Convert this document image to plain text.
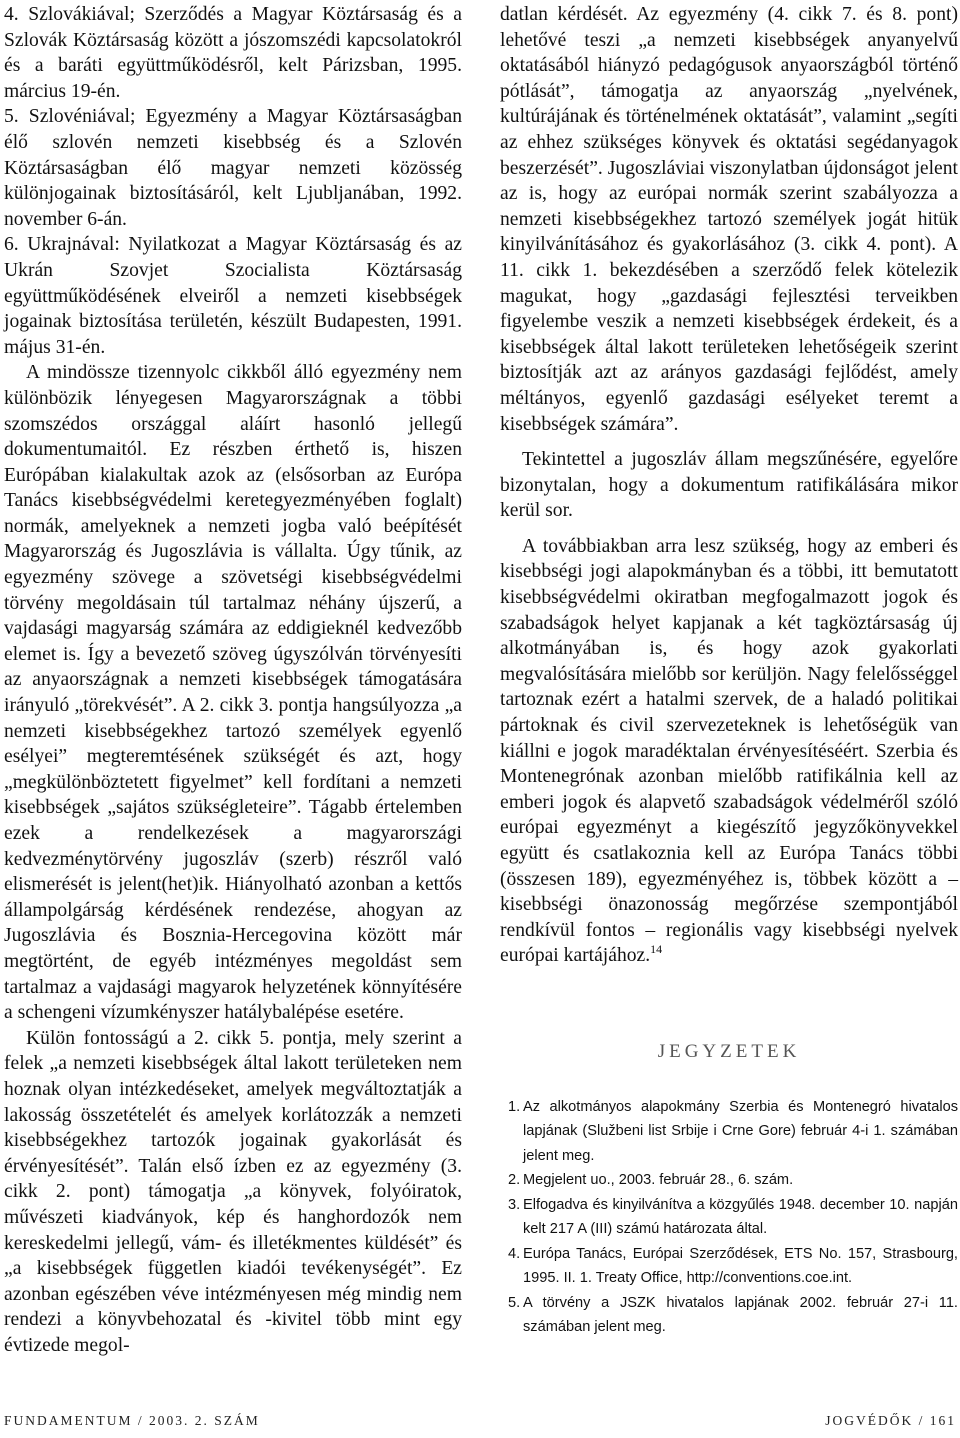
4. Szlovákiával; Szerződés a Magyar Köztársaság és a Szlovák Köztársaság között a jószomszédi kapcsolatokról és a baráti együttműködésről, kelt Párizsban, 1995. március 19-én.

5. Szlovéniával; Egyezmény a Magyar Köztársaságban élő szlovén nemzeti kisebbség és a Szlovén Köztársaságban élő magyar nemzeti közösség különjogainak biztosításáról, kelt Ljubljanában, 1992. november 6-án.

6. Ukrajnával: Nyilatkozat a Magyar Köztársaság és az Ukrán Szovjet Szocialista Köztársaság együttműködésének elveiről a nemzeti kisebbségek jogainak biztosítása területén, készült Budapesten, 1991. május 31-én.

A mindössze tizennyolc cikkből álló egyezmény nem különbözik lényegesen Magyarországnak a többi szomszédos országgal aláírt hasonló jellegű dokumentumaitól. Ez részben érthető is, hiszen Európában kialakultak azok az (elsősorban az Európa Tanács kisebbségvédelmi keretegyezményében foglalt) normák, amelyeknek a nemzeti jogba való beépítését Magyarország és Jugoszlávia is vállalta. Úgy tűnik, az egyezmény szövege a szövetségi kisebbségvédelmi törvény megoldásain túl tartalmaz néhány újszerű, a vajdasági magyarság számára az eddigieknél kedvezőbb elemet is. Így a bevezető szöveg úgyszólván törvényesíti az anyaországnak a nemzeti kisebbségek támogatására irányuló „törekvését”. A 2. cikk 3. pontja hangsúlyozza „a nemzeti kisebbségekhez tartozó személyek egyenlő esélyei” megteremtésének szükségét és azt, hogy „megkülönböztetett figyelmet” kell fordítani a nemzeti kisebbségek „sajátos szükségleteire”. Tágabb értelemben ezek a rendelkezések a magyarországi kedvezménytörvény jugoszláv (szerb) részről való elismerését is jelent(het)ik. Hiányolható azonban a kettős állampolgárság kérdésének rendezése, ahogyan az Jugoszlávia és Bosznia-Hercegovina között már megtörtént, de egyéb intézményes megoldást sem tartalmaz a vajdasági magyarok helyzetének könnyítésére a schengeni vízumkényszer hatálybalépése esetére.

Külön fontosságú a 2. cikk 5. pontja, mely szerint a felek „a nemzeti kisebbségek által lakott területeken nem hoznak olyan intézkedéseket, amelyek megváltoztatják a lakosság összetételét és amelyek korlátozzák a nemzeti kisebbségekhez tartozók jogainak gyakorlását és érvényesítését”. Talán első ízben ez az egyezmény (3. cikk 2. pont) támogatja „a könyvek, folyóiratok, művészeti kiadványok, kép és hanghordozók nem kereskedelmi jellegű, vám- és illetékmentes küldését” és „a kisebbségek független kiadói tevékenységét”. Ez azonban egészében véve intézményesen még mindig nem rendezi a könyvbehozatal és -kivitel több mint egy évtizede megol-

datlan kérdését. Az egyezmény (4. cikk 7. és 8. pont) lehetővé teszi „a nemzeti kisebbségek anyanyelvű oktatásából hiányzó pedagógusok anyaországból történő pótlását”, támogatja az anyaország „nyelvének, kultúrájának és történelmének oktatását”, valamint „segíti az ehhez szükséges könyvek és oktatási segédanyagok beszerzését”. Jugoszláviai viszonylatban újdonságot jelent az is, hogy az európai normák szerint szabályozza a nemzeti kisebbségekhez tartozó személyek jogát hitük kinyilvánításához és gyakorlásához (3. cikk 4. pont). A 11. cikk 1. bekezdésében a szerződő felek kötelezik magukat, hogy „gazdasági fejlesztési terveikben figyelembe veszik a nemzeti kisebbségek érdekeit, és a kisebbségek által lakott területeken lehetőségeik szerint biztosítják azt az arányos gazdasági fejlődést, amely méltányos, egyenlő gazdasági esélyeket teremt a kisebbségek számára”.

Tekintettel a jugoszláv állam megszűnésére, egyelőre bizonytalan, hogy a dokumentum ratifikálására mikor kerül sor.

A továbbiakban arra lesz szükség, hogy az emberi és kisebbségi jogi alapokmányban és a többi, itt bemutatott kisebbségvédelmi okiratban megfogalmazott jogok és szabadságok helyet kapjanak a két tagköztársaság új alkotmányában is, és hogy azok gyakorlati megvalósítására mielőbb sor kerüljön. Nagy felelősséggel tartoznak ezért a hatalmi szervek, de a haladó politikai pártoknak és civil szervezeteknek is lehetőségük van kiállni e jogok maradéktalan érvényesítéséért. Szerbia és Montenegrónak azonban mielőbb ratifikálnia kell az emberi jogok és alapvető szabadságok védelméről szóló európai egyezményt a kiegészítő jegyzőkönyvekkel együtt és csatlakoznia kell az Európa Tanács többi (összesen 189), egyezményéhez is, többek között a – kisebbségi önazonosság megőrzése szempontjából rendkívül fontos – regionális vagy kisebbségi nyelvek európai kartájához.$^{14}$

JEGYZETEK
1. Az alkotmányos alapokmány Szerbia és Montenegró hivatalos lapjának (Službeni list Srbije i Crne Gore) február 4-i 1. számában jelent meg.
2. Megjelent uo., 2003. február 28., 6. szám.
3. Elfogadva és kinyilvánítva a közgyűlés 1948. december 10. napján kelt 217 A (III) számú határozata által.
4. Európa Tanács, Európai Szerződések, ETS No. 157, Strasbourg, 1995. II. 1. Treaty Office, http://conventions.coe.int.
5. A törvény a JSZK hivatalos lapjának 2002. február 27-i 11. számában jelent meg.
FUNDAMENTUM / 2003. 2. SZÁM	JOGVÉDŐK / 161
